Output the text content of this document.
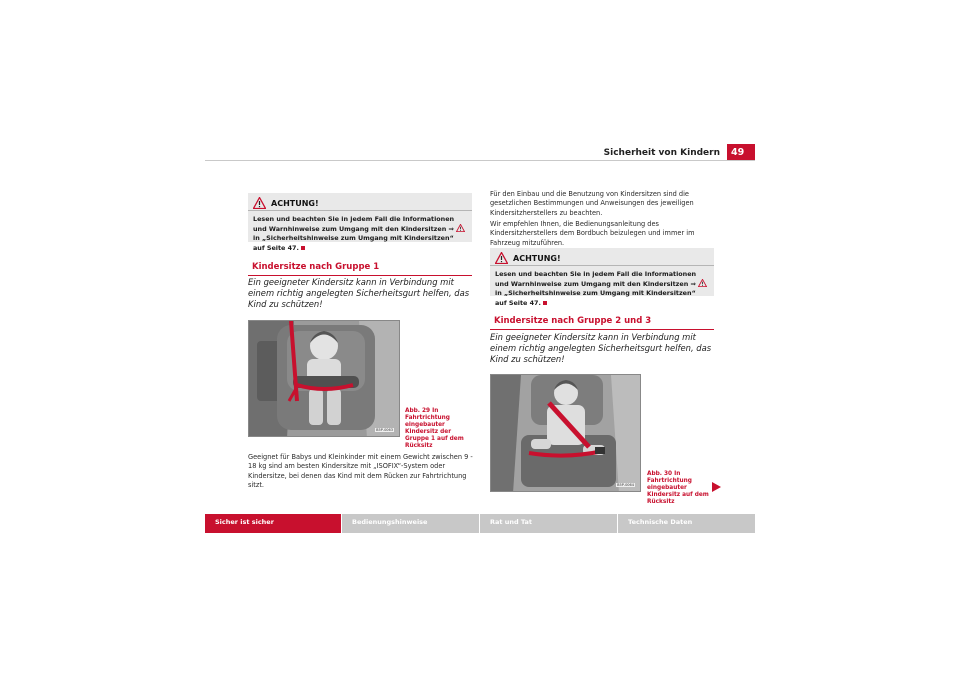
Sicherheit von Kindern	49
ACHTUNG!
Lesen und beachten Sie in jedem Fall die Informationen und Warnhinweise zum Umgang mit den Kindersitzen ⇒  in „Sicherheitshinweise zum Umgang mit Kindersitzen“ auf Seite 47.
Kindersitze nach Gruppe 1
Ein geeigneter Kindersitz kann in Verbindung mit einem richtig angelegten Sicherheitsgurt helfen, das Kind zu schützen!
B5P-0063
Abb. 29 In Fahrtrichtung eingebauter Kindersitz der Gruppe 1 auf dem Rücksitz
Geeignet für Babys und Kleinkinder mit einem Gewicht zwischen 9 - 18 kg sind am besten Kindersitze mit „ISOFIX“-System oder Kindersitze, bei denen das Kind mit dem Rücken zur Fahrtrichtung sitzt.
Für den Einbau und die Benutzung von Kindersitzen sind die gesetzlichen Bestimmungen und Anweisungen des jeweiligen Kindersitzherstellers zu beachten.
Wir empfehlen Ihnen, die Bedienungsanleitung des Kindersitzherstellers dem Bordbuch beizulegen und immer im Fahrzeug mitzuführen.
ACHTUNG!
Lesen und beachten Sie in jedem Fall die Informationen und Warnhinweise zum Umgang mit den Kindersitzen ⇒  in „Sicherheitshinweise zum Umgang mit Kindersitzen“ auf Seite 47.
Kindersitze nach Gruppe 2 und 3
Ein geeigneter Kindersitz kann in Verbindung mit einem richtig angelegten Sicherheitsgurt helfen, das Kind zu schützen!
B5P-0064
Abb. 30 In Fahrtrichtung eingebauter Kindersitz auf dem Rücksitz
Sicher ist sicher	Bedienungshinweise	Rat und Tat	Technische Daten
